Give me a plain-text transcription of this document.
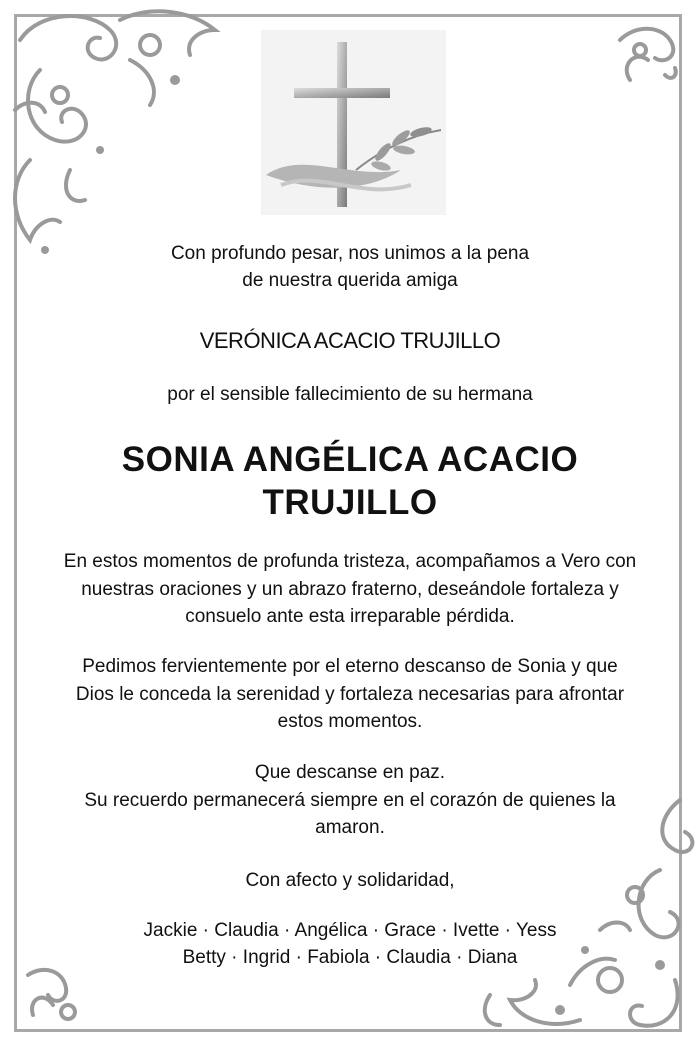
Con profundo pesar, nos unimos a la pena
de nuestra querida amiga
VERÓNICA ACACIO TRUJILLO
por el sensible fallecimiento de su hermana
SONIA ANGÉLICA ACACIO
TRUJILLO
En estos momentos de profunda tristeza, acompañamos a Vero con
nuestras oraciones y un abrazo fraterno, deseándole fortaleza y
consuelo ante esta irreparable pérdida.
Pedimos fervientemente por el eterno descanso de Sonia y que
Dios le conceda la serenidad y fortaleza necesarias para afrontar
estos momentos.
Que descanse en paz.
Su recuerdo permanecerá siempre en el corazón de quienes la
amaron.
Con afecto y solidaridad,
Jackie · Claudia · Angélica · Grace · Ivette · Yess
Betty · Ingrid · Fabiola · Claudia · Diana
